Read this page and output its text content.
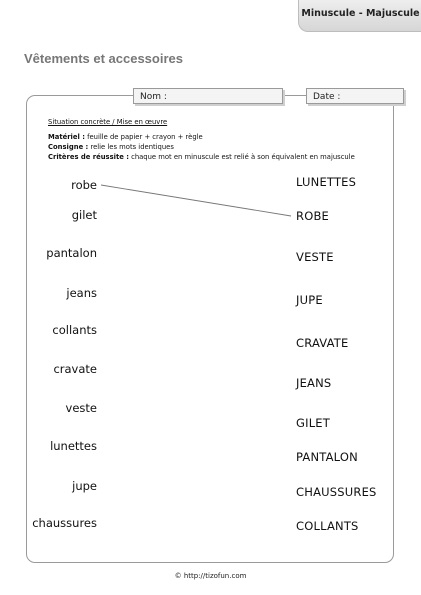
Minuscule - Majuscule
Vêtements et accessoires
Nom :	Date :
Situation concrète / Mise en œuvre
Matériel : feuille de papier + crayon + règle
Consigne : relie les mots identiques
Critères de réussite : chaque mot en minuscule est relié à son équivalent en majuscule
robe
gilet
pantalon
jeans
collants
cravate
veste
lunettes
jupe
chaussures
LUNETTES
ROBE
VESTE
JUPE
CRAVATE
JEANS
GILET
PANTALON
CHAUSSURES
COLLANTS
© http://tizofun.com
